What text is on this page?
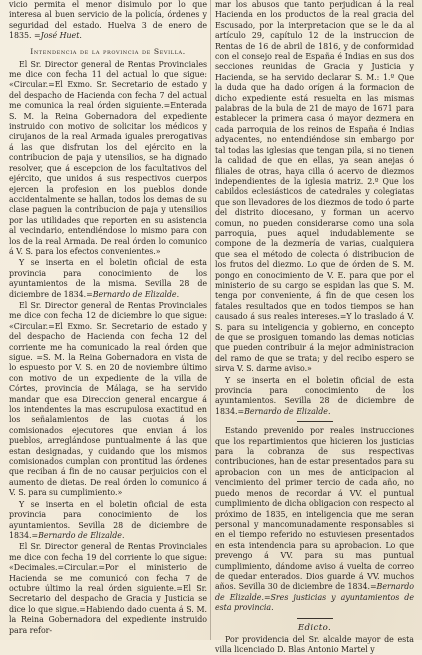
vicio permita el menor disimulo por lo que interesa al buen servicio de la policía, órdenes y seguridad del estado. Huelva 3 de enero de 1835. =José Huet.

Intendencia de la provincia de Sevilla.

El Sr. Director general de Rentas Provinciales me dice con fecha 11 del actual lo que sigue: «Circular.=El Exmo. Sr. Secretario de estado y del despacho de Hacienda con fecha 7 del actual me comunica la real órden siguiente.=Enterada S. M. la Reina Gobernadora del expediente instruido con motivo de solicitar los médicos y cirujanos de la real Armada iguales prerogativas á las que disfrutan los del ejército en la contribucion de paja y utensilios, se ha dignado resolver, que á escepcion de los facultativos del ejército, que unidos á sus respectivos cuerpos ejercen la profesion en los pueblos donde accidentalmente se hallan, todos los demas de su clase paguen la contribucion de paja y utensilios por las utilidades que reporten en su asistencia al vecindario, entendiéndose lo mismo para con los de la real Armada. De real órden lo comunico á V. S. para los efectos convenientes.»

Y se inserta en el boletin oficial de esta provincia para conocimiento de los ayuntamientos de la misma. Sevilla 28 de diciembre de 1834.=Bernardo de Elizalde.

El Sr. Director general de Rentas Provinciales me dice con fecha 12 de diciembre lo que sigue: «Circular.=El Exmo. Sr. Secretario de estado y del despacho de Hacienda con fecha 12 del corriente me ha comunicado la real órden que sigue. =S. M. la Reina Gobernadora en vista de lo espuesto por V. S. en 20 de noviembre último con motivo de un expediente de la villa de Córtes, provincia de Málaga, se ha servido mandar que esa Direccion general encargue á los intendentes la mas escrupulosa exactitud en los señalamientos de las cuotas á los comisionados ejecutores que envian á los pueblos, arreglándose puntualmente á las que estan designadas, y cuidando que los mismos comisionados cumplan con prontitud las órdenes que reciban á fin de no causar perjuicios con el aumento de dietas. De real órden lo comunico á V. S. para su cumplimiento.»

Y se inserta en el boletin oficial de esta provincia para conocimiento de los ayuntamientos. Sevilla 28 de diciembre de 1834.=Bernardo de Elizalde.

El Sr. Director general de Rentas Provinciales me dice con fecha 19 del corriente lo que sigue: «Decimales.=Circular.=Por el ministerio de Hacienda se me comunicó con fecha 7 de octubre último la real órden siguiente.=El Sr. Secretario del despacho de Gracia y Justicia se dice lo que sigue.=Habiendo dado cuenta á S. M. la Reina Gobernadora del expediente instruido para refor-

mar los abusos que tanto perjudican á la real Hacienda en los productos de la real gracia del Escusado, por la interpretacion que se le da al artículo 29, capítulo 12 de la instruccion de Rentas de 16 de abril de 1816, y de conformidad con el consejo real de España é Indias en sus dos secciones reunidas de Gracia y Justicia y Hacienda, se ha servido declarar S. M.: 1.º Que la duda que ha dado orígen á la formacion de dicho expediente está resuelta en las mismas palabras de la bula de 21 de mayo de 1671 para establecer la primera casa ó mayor dezmera en cada parroquia de los reinos de España é Indias adyacentes, no entendiéndose sin embargo por tal todas las iglesias que tengan pila, si no tienen la calidad de que en ellas, ya sean anejas ó filiales de otras, haya cilla ó acervo de diezmos independientes de la iglesia matriz. 2.º Que los cabildos eclesiásticos de catedrales y colegiatas que son llevadores de los diezmos de todo ó parte del distrito diocesano, y forman un acervo comun, no pueden considerarse como una sola parroquia, pues aquel indudablemente se compone de la dezmería de varias, cualquiera que sea el método de colecta ó distribucion de los frutos del diezmo. Lo que de órden de S. M. pongo en conocimiento de V. E. para que por el ministerio de su cargo se espidan las que S. M. tenga por conveniente, á fin de que cesen los fatales resultados que en todos tiempos se han causado á sus reales intereses.=Y lo traslado á V. S. para su inteligencia y gobierno, en concepto de que se prosiguen tomando las demas noticias que pueden contribuir á la mejor administracion del ramo de que se trata; y del recibo espero se sirva V. S. darme aviso.»

Y se inserta en el boletin oficial de esta provincia para conocimiento de los ayuntamientos. Sevilla 28 de diciembre de 1834.=Bernardo de Elizalde.

Estando prevenido por reales instrucciones que los repartimientos que hicieren los justicias para la cobranza de sus respectivas contribuciones, han de estar presentados para su aprobacion con un mes de anticipacion al vencimiento del primer tercio de cada año, no puedo menos de recordar á VV. el puntual cumplimiento de dicha obligacion con respecto al próximo de 1835, en inteligencia que me seran personal y mancomunadamente responsables si en el tiempo referido no estuviesen presentados en esta intendencia para su aprobacion. Lo que prevengo á VV. para su mas puntual cumplimiento, dándome aviso á vuelta de correo de quedar enterados. Dios guarde á VV. muchos años. Sevilla 30 de diciembre de 1834.=Bernardo de Elizalde.=Sres justicias y ayuntamientos de esta provincia.

Edicto.

Por providencia del Sr. alcalde mayor de esta villa licenciado D. Blas Antonio Martel y
